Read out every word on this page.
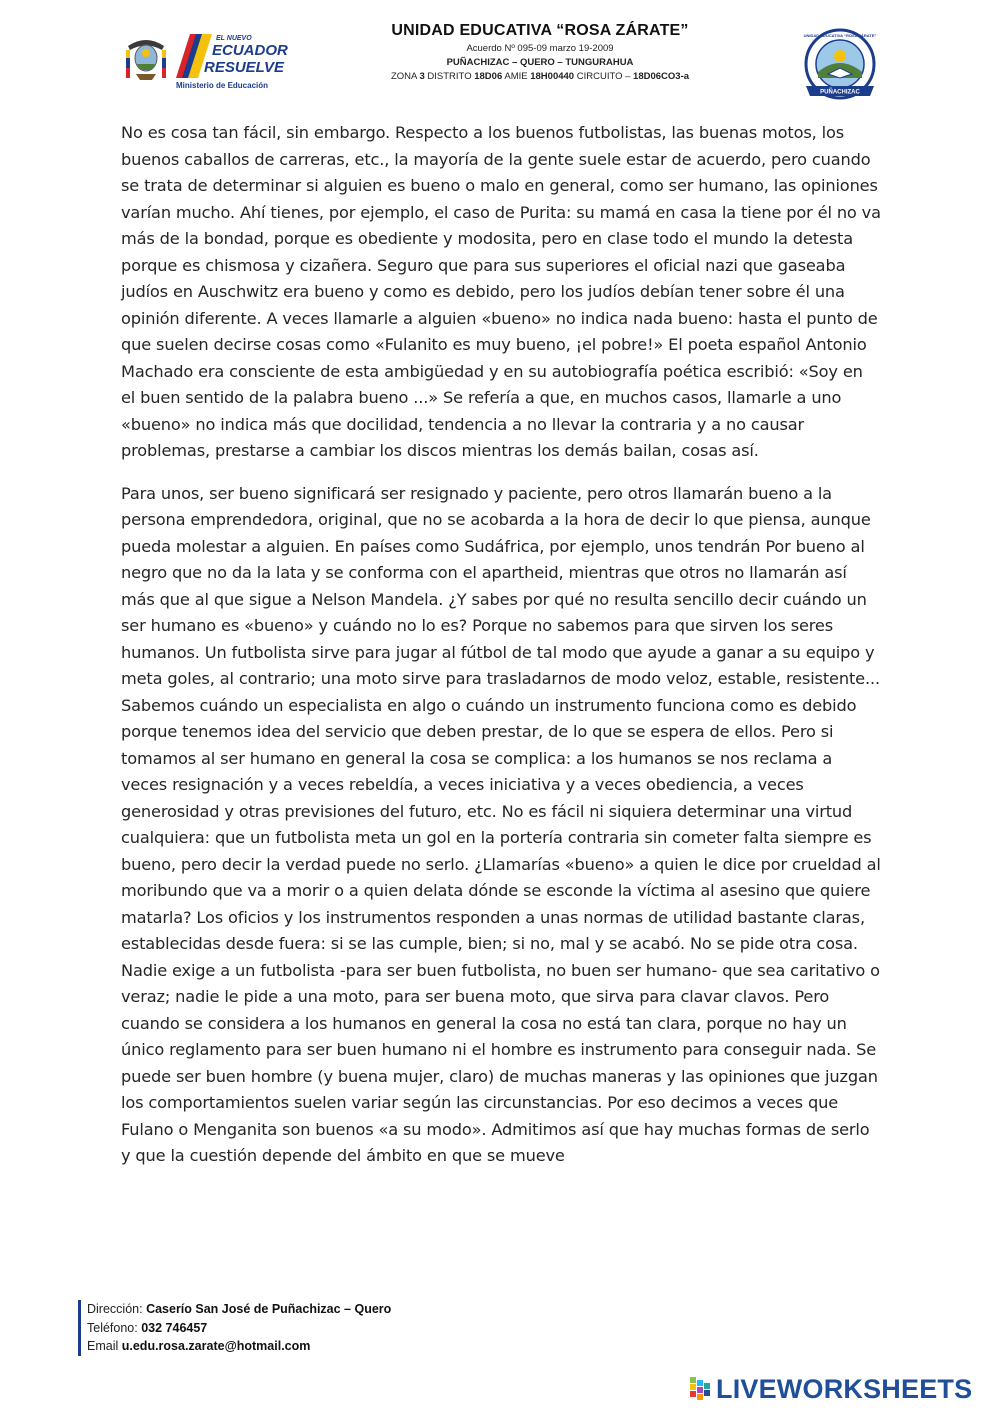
EL NUEVO
ECUADOR
RESUELVE
Ministerio de Educación
UNIDAD EDUCATIVA “ROSA ZÁRATE”
Acuerdo Nº 095-09 marzo 19-2009
PUÑACHIZAC – QUERO – TUNGURAHUA
ZONA 3 DISTRITO 18D06 AMIE 18H00440 CIRCUITO – 18D06CO3-a
PUÑACHIZAC
UNIDAD EDUCATIVA “ROSA ZÁRATE”

No es cosa tan fácil, sin embargo. Respecto a los buenos futbolistas, las buenas motos, los buenos caballos de carreras, etc., la mayoría de la gente suele estar de acuerdo, pero cuando se trata de determinar si alguien es bueno o malo en general, como ser humano, las opiniones varían mucho. Ahí tienes, por ejemplo, el caso de Purita: su mamá en casa la tiene por él no va más de la bondad, porque es obediente y modosita, pero en clase todo el mundo la detesta porque es chismosa y cizañera. Seguro que para sus superiores el oficial nazi que gaseaba judíos en Auschwitz era bueno y como es debido, pero los judíos debían tener sobre él una opinión diferente. A veces llamarle a alguien «bueno» no indica nada bueno: hasta el punto de que suelen decirse cosas como «Fulanito es muy bueno, ¡el pobre!» El poeta español Antonio Machado era consciente de esta ambigüedad y en su autobiografía poética escribió: «Soy en el buen sentido de la palabra bueno ...» Se refería a que, en muchos casos, llamarle a uno «bueno» no indica más que docilidad, tendencia a no llevar la contraria y a no causar problemas, prestarse a cambiar los discos mientras los demás bailan, cosas así.

Para unos, ser bueno significará ser resignado y paciente, pero otros llamarán bueno a la persona emprendedora, original, que no se acobarda a la hora de decir lo que piensa, aunque pueda molestar a alguien. En países como Sudáfrica, por ejemplo, unos tendrán Por bueno al negro que no da la lata y se conforma con el apartheid, mientras que otros no llamarán así más que al que sigue a Nelson Mandela. ¿Y sabes por qué no resulta sencillo decir cuándo un ser humano es «bueno» y cuándo no lo es? Porque no sabemos para que sirven los seres humanos. Un futbolista sirve para jugar al fútbol de tal modo que ayude a ganar a su equipo y meta goles, al contrario; una moto sirve para trasladarnos de modo veloz, estable, resistente... Sabemos cuándo un especialista en algo o cuándo un instrumento funciona como es debido porque tenemos idea del servicio que deben prestar, de lo que se espera de ellos. Pero si tomamos al ser humano en general la cosa se complica: a los humanos se nos reclama a veces resignación y a veces rebeldía, a veces iniciativa y a veces obediencia, a veces generosidad y otras previsiones del futuro, etc. No es fácil ni siquiera determinar una virtud cualquiera: que un futbolista meta un gol en la portería contraria sin cometer falta siempre es bueno, pero decir la verdad puede no serlo. ¿Llamarías «bueno» a quien le dice por crueldad al moribundo que va a morir o a quien delata dónde se esconde la víctima al asesino que quiere matarla? Los oficios y los instrumentos responden a unas normas de utilidad bastante claras, establecidas desde fuera: si se las cumple, bien; si no, mal y se acabó. No se pide otra cosa. Nadie exige a un futbolista -para ser buen futbolista, no buen ser humano- que sea caritativo o veraz; nadie le pide a una moto, para ser buena moto, que sirva para clavar clavos. Pero cuando se considera a los humanos en general la cosa no está tan clara, porque no hay un único reglamento para ser buen humano ni el hombre es instrumento para conseguir nada. Se puede ser buen hombre (y buena mujer, claro) de muchas maneras y las opiniones que juzgan los comportamientos suelen variar según las circunstancias. Por eso decimos a veces que Fulano o Menganita son buenos «a su modo». Admitimos así que hay muchas formas de serlo y que la cuestión depende del ámbito en que se mueve

Dirección: Caserío San José de Puñachizac – Quero
Teléfono: 032 746457
Email u.edu.rosa.zarate@hotmail.com
LIVEWORKSHEETS
